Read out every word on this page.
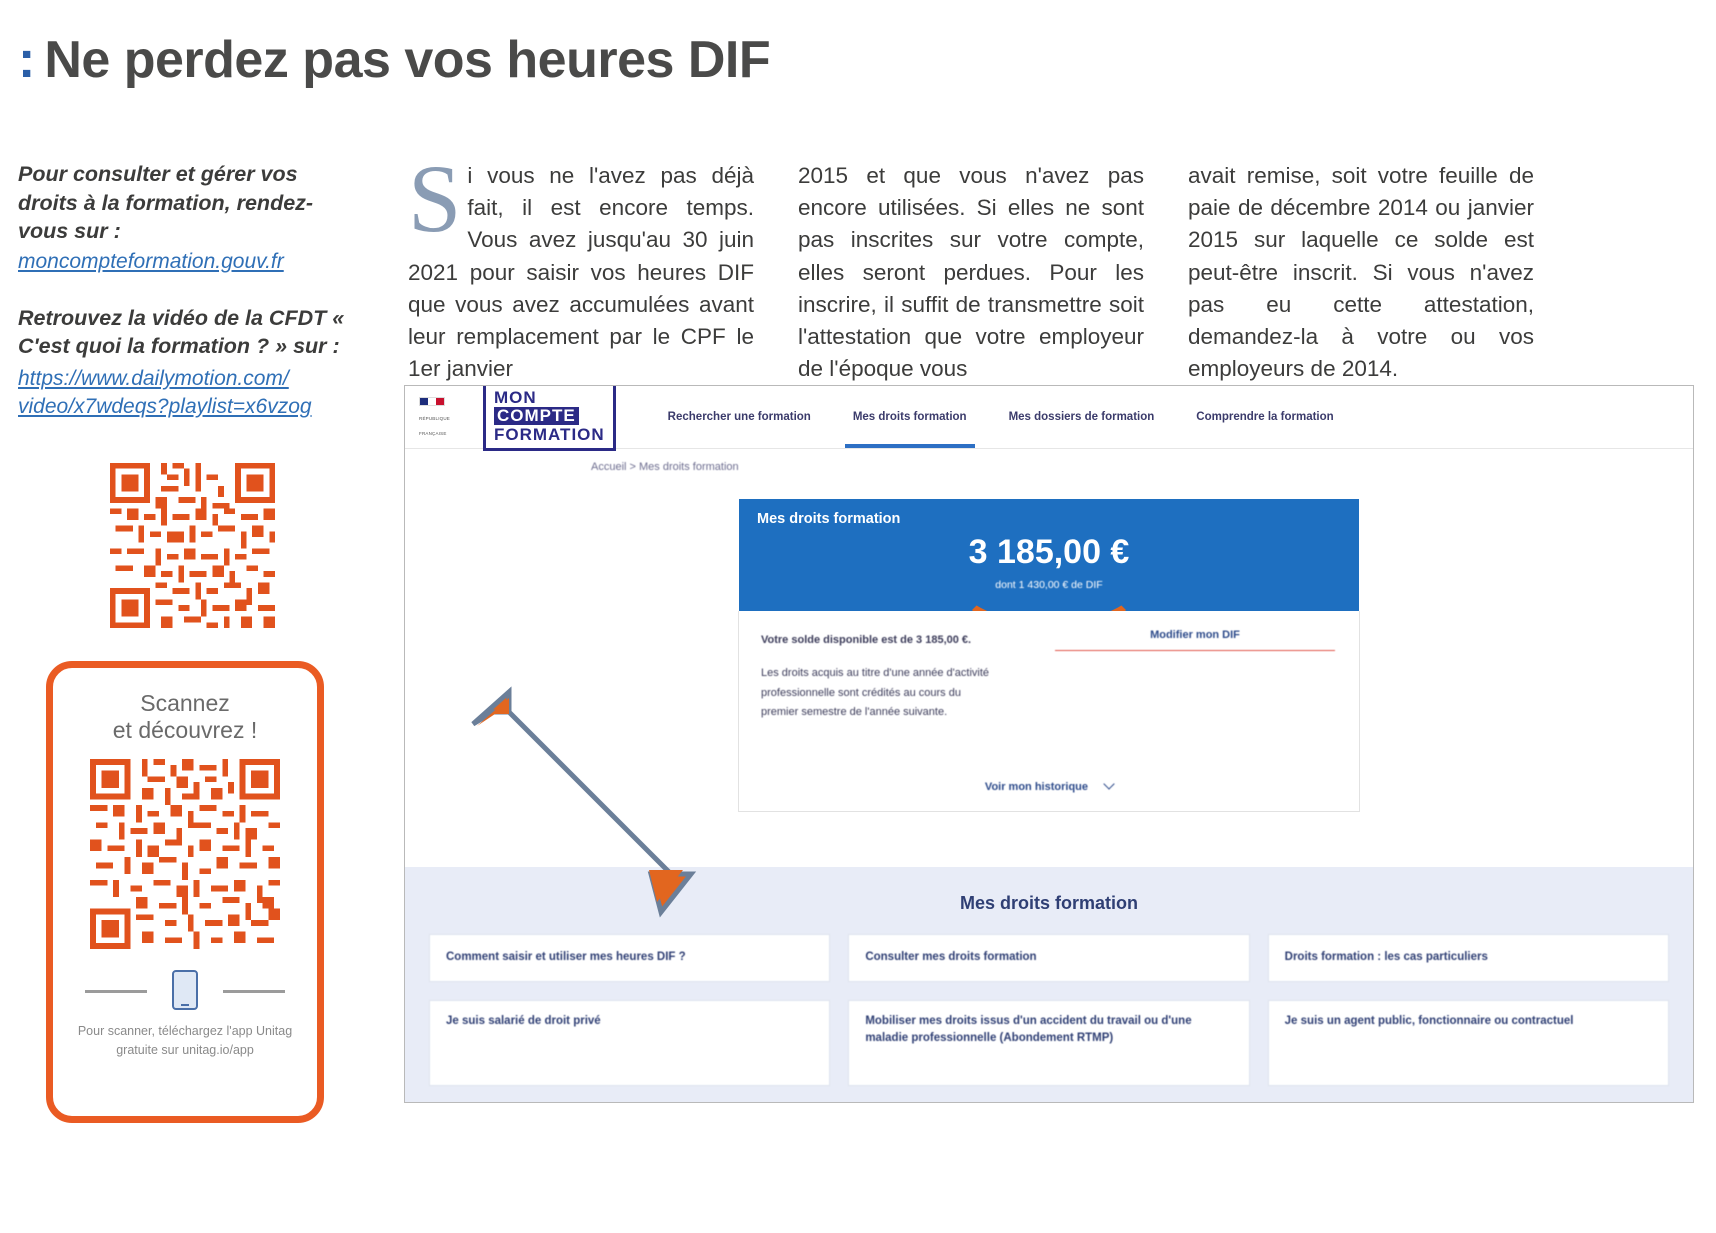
: Ne perdez pas vos heures DIF

Pour consulter et gérer vos droits à la formation, rendez-vous sur :

moncompteformation.gouv.fr

Retrouvez la vidéo de la CFDT « C'est quoi la formation ? » sur :

https://www.dailymotion.com/
video/x7wdeqs?playlist=x6vzog
Scannez
et découvrez !
Pour scanner, téléchargez l'app Unitag
gratuite sur unitag.io/app
S i vous ne l'avez pas déjà fait, il est encore temps. Vous avez jusqu'au 30 juin 2021 pour saisir vos heures DIF que vous avez accumulées avant leur remplacement par le CPF le 1er janvier

2015 et que vous n'avez pas encore utilisées. Si elles ne sont pas inscrites sur votre compte, elles seront perdues. Pour les inscrire, il suffit de transmettre soit l'attestation que votre employeur de l'époque vous

avait remise, soit votre feuille de paie de décembre 2014 ou janvier 2015 sur laquelle ce solde est peut-être inscrit. Si vous n'avez pas eu cette attestation, demandez-la à votre ou vos employeurs de 2014.

RÉPUBLIQUE
FRANÇAISE
MON
COMPTE
FORMATION
Rechercher une formation	Mes droits formation	Mes dossiers de formation	Comprendre la formation
Accueil > Mes droits formation
Mes droits formation
3 185,00 €
dont 1 430,00 € de DIF
Votre solde disponible est de 3 185,00 €.
Les droits acquis au titre d'une année d'activité
professionnelle sont crédités au cours du
premier semestre de l'année suivante.
Modifier mon DIF
Voir mon historique
Mes droits formation
Comment saisir et utiliser mes heures DIF ?	Consulter mes droits formation	Droits formation : les cas particuliers
Je suis salarié de droit privé	Mobiliser mes droits issus d'un accident du travail ou d'une maladie professionnelle (Abondement RTMP)
Je suis un agent public, fonctionnaire ou contractuel
